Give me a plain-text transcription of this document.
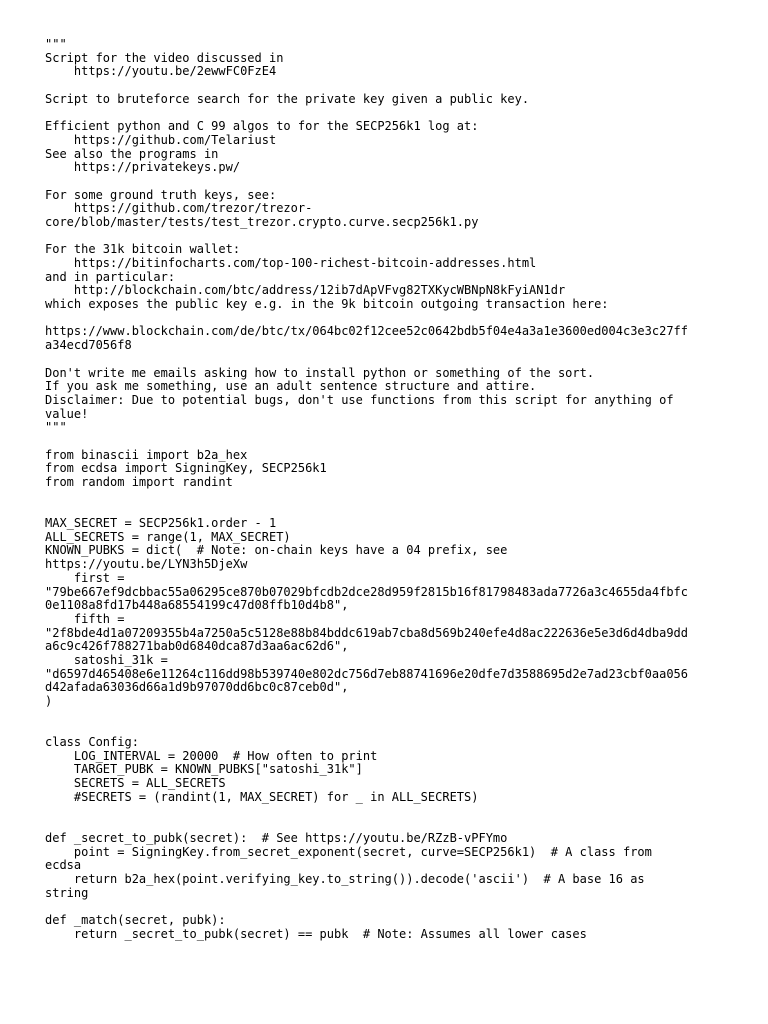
"""
Script for the video discussed in
https://youtu.be/2ewwFC0FzE4
Script to bruteforce search for the private key given a public key.
Efficient python and C 99 algos to for the SECP256k1 log at:
https://github.com/Telariust
See also the programs in
https://privatekeys.pw/
For some ground truth keys, see:
https://github.com/trezor/trezor-
core/blob/master/tests/test_trezor.crypto.curve.secp256k1.py
For the 31k bitcoin wallet:
https://bitinfocharts.com/top-100-richest-bitcoin-addresses.html
and in particular:
http://blockchain.com/btc/address/12ib7dApVFvg82TXKycWBNpN8kFyiAN1dr
which exposes the public key e.g. in the 9k bitcoin outgoing transaction here:
https://www.blockchain.com/de/btc/tx/064bc02f12cee52c0642bdb5f04e4a3a1e3600ed004c3e3c27ff
a34ecd7056f8
Don't write me emails asking how to install python or something of the sort.
If you ask me something, use an adult sentence structure and attire.
Disclaimer: Due to potential bugs, don't use functions from this script for anything of
value!
"""
from binascii import b2a_hex
from ecdsa import SigningKey, SECP256k1
from random import randint
MAX_SECRET = SECP256k1.order - 1
ALL_SECRETS = range(1, MAX_SECRET)
KNOWN_PUBKS = dict(  # Note: on-chain keys have a 04 prefix, see
https://youtu.be/LYN3h5DjeXw
first =
"79be667ef9dcbbac55a06295ce870b07029bfcdb2dce28d959f2815b16f81798483ada7726a3c4655da4fbfc
0e1108a8fd17b448a68554199c47d08ffb10d4b8",
fifth =
"2f8bde4d1a07209355b4a7250a5c5128e88b84bddc619ab7cba8d569b240efe4d8ac222636e5e3d6d4dba9dd
a6c9c426f788271bab0d6840dca87d3aa6ac62d6",
satoshi_31k =
"d6597d465408e6e11264c116dd98b539740e802dc756d7eb88741696e20dfe7d3588695d2e7ad23cbf0aa056
d42afada63036d66a1d9b97070dd6bc0c87ceb0d",
)
class Config:
LOG_INTERVAL = 20000  # How often to print
TARGET_PUBK = KNOWN_PUBKS["satoshi_31k"]
SECRETS = ALL_SECRETS
#SECRETS = (randint(1, MAX_SECRET) for _ in ALL_SECRETS)
def _secret_to_pubk(secret):  # See https://youtu.be/RZzB-vPFYmo
point = SigningKey.from_secret_exponent(secret, curve=SECP256k1)  # A class from
ecdsa
return b2a_hex(point.verifying_key.to_string()).decode('ascii')  # A base 16 as
string
def _match(secret, pubk):
return _secret_to_pubk(secret) == pubk  # Note: Assumes all lower cases
